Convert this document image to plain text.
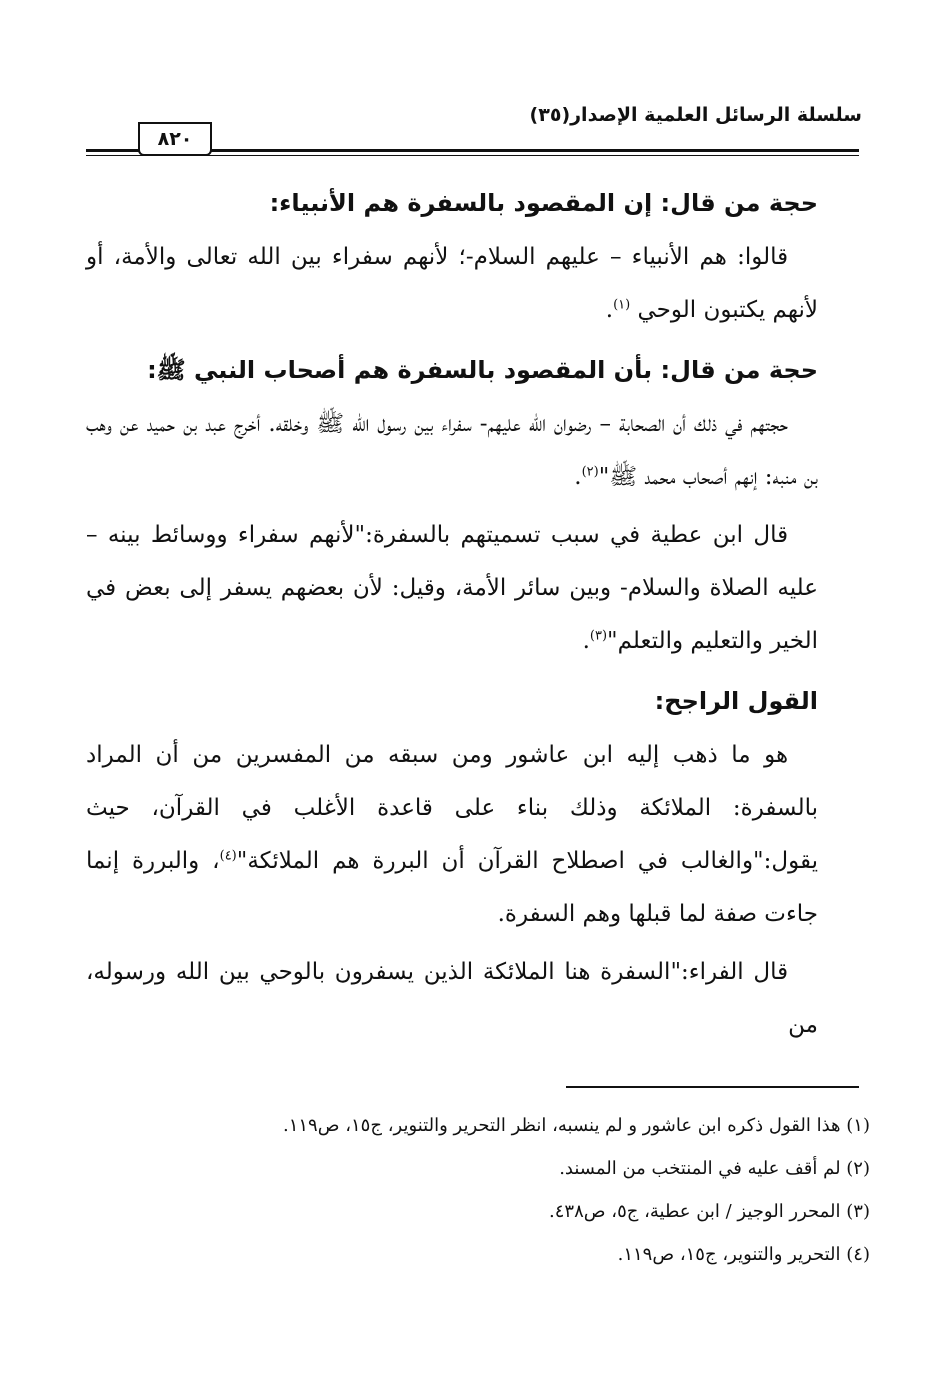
سلسلة الرسائل العلمية الإصدار(٣٥)
٨٢٠

حجة من قال: إن المقصود بالسفرة هم الأنبياء:

قالوا: هم الأنبياء – عليهم السلام-؛ لأنهم سفراء بين الله تعالى والأمة، أو لأنهم يكتبون الوحي $^{(١)}$.

حجة من قال: بأن المقصود بالسفرة هم أصحاب النبي ﷺ:

حجتهم في ذلك أن الصحابة – رضوان الله عليهم- سفراء بين رسول الله ﷺ وخلقه. أخرج عبد بن حميد عن وهب بن منبه: إنهم أصحاب محمد ﷺ"$^{(٢)}$.

قال ابن عطية في سبب تسميتهم بالسفرة:"لأنهم سفراء ووسائط بينه – عليه الصلاة والسلام- وبين سائر الأمة، وقيل: لأن بعضهم يسفر إلى بعض في الخير والتعليم والتعلم"$^{(٣)}$.

القول الراجح:

هو ما ذهب إليه ابن عاشور ومن سبقه من المفسرين من أن المراد بالسفرة: الملائكة وذلك بناء على قاعدة الأغلب في القرآن، حيث يقول:"والغالب في اصطلاح القرآن أن البررة هم الملائكة"$^{(٤)}$، والبررة إنما جاءت صفة لما قبلها وهم السفرة.

قال الفراء:"السفرة هنا الملائكة الذين يسفرون بالوحي بين الله ورسوله، من

(١) هذا القول ذكره ابن عاشور و لم ينسبه، انظر التحرير والتنوير، ج١٥، ص١١٩.

(٢) لم أقف عليه في المنتخب من المسند.

(٣) المحرر الوجيز / ابن عطية، ج٥، ص٤٣٨.

(٤) التحرير والتنوير، ج١٥، ص١١٩.
